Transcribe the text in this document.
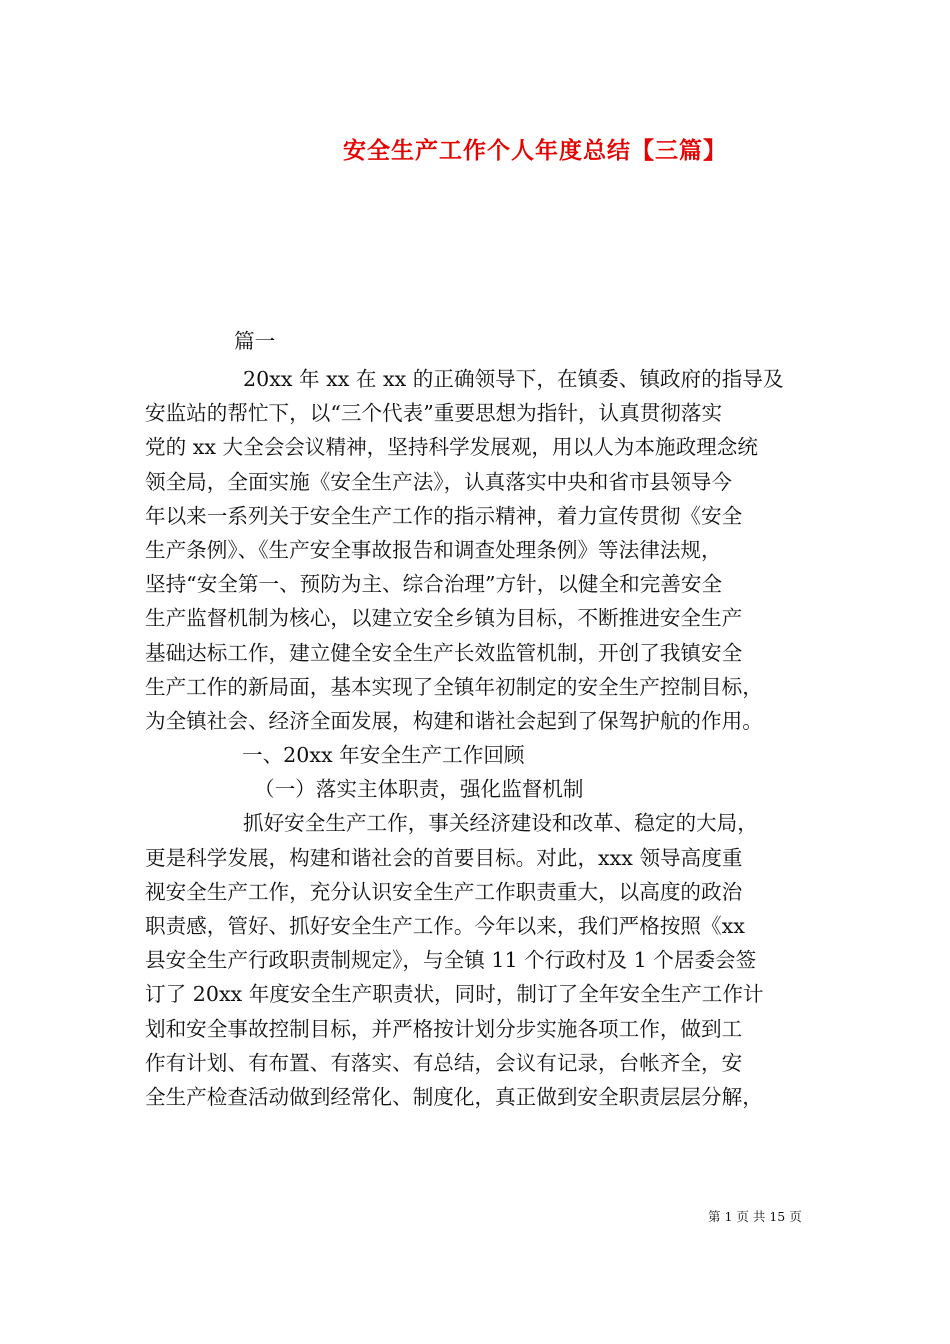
安全生产工作个人年度总结【三篇】
篇一
20xx 年 xx 在 xx 的正确领导下，在镇委、镇政府的指导及
安监站的帮忙下，以“三个代表”重要思想为指针，认真贯彻落实
党的 xx 大全会会议精神，坚持科学发展观，用以人为本施政理念统
领全局，全面实施《安全生产法》，认真落实中央和省市县领导今
年以来一系列关于安全生产工作的指示精神，着力宣传贯彻《安全
生产条例》、《生产安全事故报告和调查处理条例》等法律法规，
坚持“安全第一、预防为主、综合治理”方针，以健全和完善安全
生产监督机制为核心，以建立安全乡镇为目标，不断推进安全生产
基础达标工作，建立健全安全生产长效监管机制，开创了我镇安全
生产工作的新局面，基本实现了全镇年初制定的安全生产控制目标，
为全镇社会、经济全面发展，构建和谐社会起到了保驾护航的作用。
一、20xx 年安全生产工作回顾
（一）落实主体职责，强化监督机制
抓好安全生产工作，事关经济建设和改革、稳定的大局，
更是科学发展，构建和谐社会的首要目标。对此，xxx 领导高度重
视安全生产工作，充分认识安全生产工作职责重大，以高度的政治
职责感，管好、抓好安全生产工作。今年以来，我们严格按照《xx
县安全生产行政职责制规定》，与全镇 11 个行政村及 1 个居委会签
订了 20xx 年度安全生产职责状，同时，制订了全年安全生产工作计
划和安全事故控制目标，并严格按计划分步实施各项工作，做到工
作有计划、有布置、有落实、有总结，会议有记录，台帐齐全，安
全生产检查活动做到经常化、制度化，真正做到安全职责层层分解，
第 1 页 共 15 页
